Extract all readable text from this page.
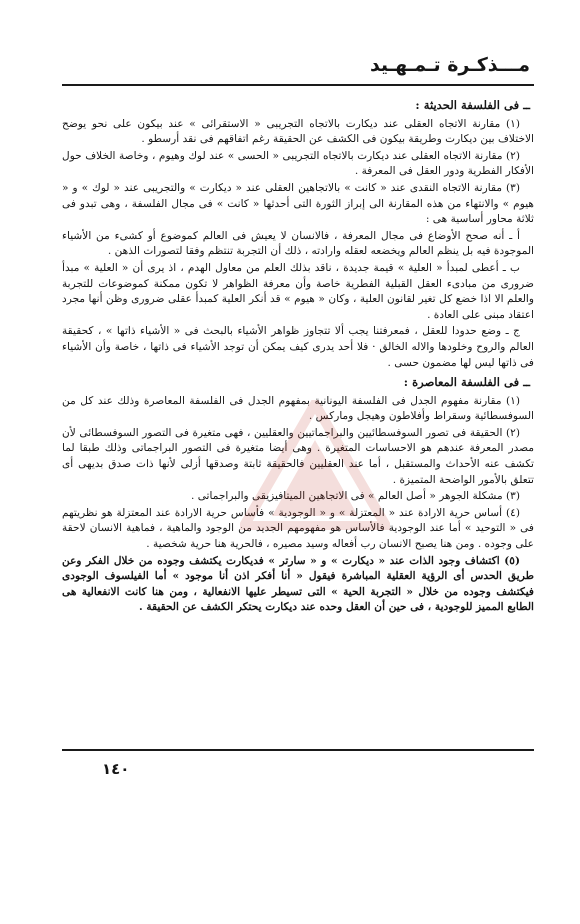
مـــذكـرة تـمـهـيد
ــ فى الفلسفة الحديثة :

(١) مقارنة الاتجاه العقلى عند ديكارت بالاتجاه التجريبى « الاستقرائى » عند بيكون على نحو يوضح الاختلاف بين ديكارت وطريقة بيكون فى الكشف عن الحقيقة رغم اتفاقهم فى نقد أرسطو .

(٢) مقارنة الاتجاه العقلى عند ديكارت بالاتجاه التجريبى « الحسى » عند لوك وهيوم ، وخاصة الخلاف حول الأفكار الفطرية ودور العقل فى المعرفة .

(٣) مقارنة الاتجاه النقدى عند « كانت » بالاتجاهين العقلى عند « ديكارت » والتجريبى عند « لوك » و « هيوم » والانتهاء من هذه المقارنة الى إبراز الثورة التى أحدثها « كانت » فى مجال الفلسفة ، وهى تبدو فى ثلاثة محاور أساسية هى :

أ ـ أنه صحح الأوضاع فى مجال المعرفة ، فالانسان لا يعيش فى العالم كموضوع أو كشىء من الأشياء الموجودة فيه بل ينظم العالم ويخضعه لعقله وارادته ، ذلك أن التجربة تنتظم وفقا لتصورات الذهن .

ب ـ أعطى لمبدأ « العلية » قيمة جديدة ، ناقد بذلك العلم من معاول الهدم ، اذ يرى أن « العلية » مبدأ ضرورى من مبادىء العقل القبلية الفطرية خاصة وأن معرفة الظواهر لا تكون ممكنة كموضوعات للتجربة والعلم الا اذا خضع كل تغير لقانون العلية ، وكان « هيوم » قد أنكر العلية كمبدأ عقلى ضرورى وظن أنها مجرد اعتقاد مبنى على العادة .

ج ـ وضع حدودا للعقل ، فمعرفتنا يجب ألا تتجاوز ظواهر الأشياء بالبحث فى « الأشياء ذاتها » ، كحقيقة العالم والروح وخلودها والاله الخالق · فلا أحد يدرى كيف يمكن أن توجد الأشياء فى ذاتها ، خاصة وأن الأشياء فى ذاتها ليس لها مضمون حسى .

ــ فى الفلسفة المعاصرة :

(١) مقارنة مفهوم الجدل فى الفلسفة اليونانية بمفهوم الجدل فى الفلسفة المعاصرة وذلك عند كل من السوفسطائية وسقراط وأفلاطون وهيجل وماركس .

(٢) الحقيقة فى تصور السوفسطائيين والبراجماتيين والعقليين ، فهى متغيرة فى التصور السوفسطائى لأن مصدر المعرفة عندهم هو الاحساسات المتغيرة . وهى أيضا متغيرة فى التصور البراجماتى وذلك طبقا لما تكشف عنه الأحداث والمستقبل ، أما عند العقليين فالحقيقة ثابتة وصدقها أزلى لأنها ذات صدق بديهى أى تتعلق بالأمور الواضحة المتميزة .

(٣) مشكلة الجوهر « أصل العالم » فى الاتجاهين الميتافيزيقى والبراجماتى .

(٤) أساس حرية الارادة عند « المعتزلة » و « الوجودية » فأساس حرية الارادة عند المعتزلة هو نظريتهم فى « التوحيد » أما عند الوجودية فالأساس هو مفهومهم الجديد من الوجود والماهية ، فماهية الانسان لاحقة على وجوده . ومن هنا يصبح الانسان رب أفعاله وسيد مصيره ، فالحرية هنا حرية شخصية .

(٥) اكتشاف وجود الذات عند « ديكارت » و « سارتر » فديكارت يكتشف وجوده من خلال الفكر وعن طريق الحدس أى الرؤية العقلية المباشرة فيقول « أنا أفكر اذن أنا موجود » أما الفيلسوف الوجودى فيكتشف وجوده من خلال « التجربة الحية » التى تسيطر عليها الانفعالية ، ومن هنا كانت الانفعالية هى الطابع المميز للوجودية ، فى حين أن العقل وحده عند ديكارت يحتكر الكشف عن الحقيقة .

١٤٠
